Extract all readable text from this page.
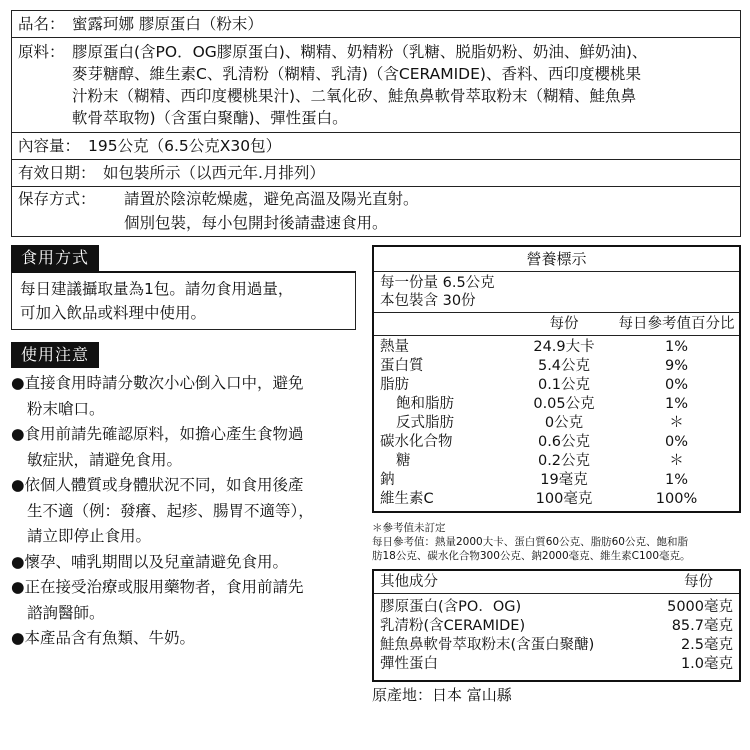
品名： 蜜露珂娜 膠原蛋白（粉末）
原料： 膠原蛋白(含PO．OG膠原蛋白)、糊精、奶精粉（乳糖、脱脂奶粉、奶油、鮮奶油)、
麥芽糖醇、維生素C、乳清粉（糊精、乳清)（含CERAMIDE)、香料、西印度櫻桃果
汁粉末（糊精、西印度櫻桃果汁)、二氧化矽、鮭魚鼻軟骨萃取粉末（糊精、鮭魚鼻
軟骨萃取物)（含蛋白聚醣)、彈性蛋白。
內容量： 195公克（6.5公克X30包）
有效日期： 如包裝所示（以西元年.月排列）
保存方式：	請置於陰涼乾燥處，避免高溫及陽光直射。
個別包裝，每小包開封後請盡速食用。
食用方式
每日建議攝取量為1包。請勿食用過量，
可加入飲品或料理中使用。
使用注意
●直接食用時請分數次小心倒入口中，避免
粉末嗆口。
●食用前請先確認原料，如擔心產生食物過
敏症狀，請避免食用。
●依個人體質或身體狀況不同，如食用後產
生不適（例：發癢、起疹、腸胃不適等），
請立即停止食用。
●懷孕、哺乳期間以及兒童請避免食用。
●正在接受治療或服用藥物者，食用前請先
諮詢醫師。
●本產品含有魚類、牛奶。
營養標示
每一份量 6.5公克
本包裝含 30份
每份	每日參考值百分比
熱量	24.9大卡	1%
蛋白質	5.4公克	9%
脂肪	0.1公克	0%
飽和脂肪	0.05公克	1%
反式脂肪	0公克	＊
碳水化合物	0.6公克	0%
糖	0.2公克	＊
鈉	19毫克	1%
維生素C	100毫克	100%
＊參考值未訂定
每日參考值：熱量2000大卡、蛋白質60公克、脂肪60公克、飽和脂
肪18公克、碳水化合物300公克、鈉2000毫克、維生素C100毫克。
其他成分	每份
膠原蛋白(含PO．OG)	5000毫克
乳清粉(含CERAMIDE)	85.7毫克
鮭魚鼻軟骨萃取粉末(含蛋白聚醣)	2.5毫克
彈性蛋白	1.0毫克
原產地：日本 富山縣
